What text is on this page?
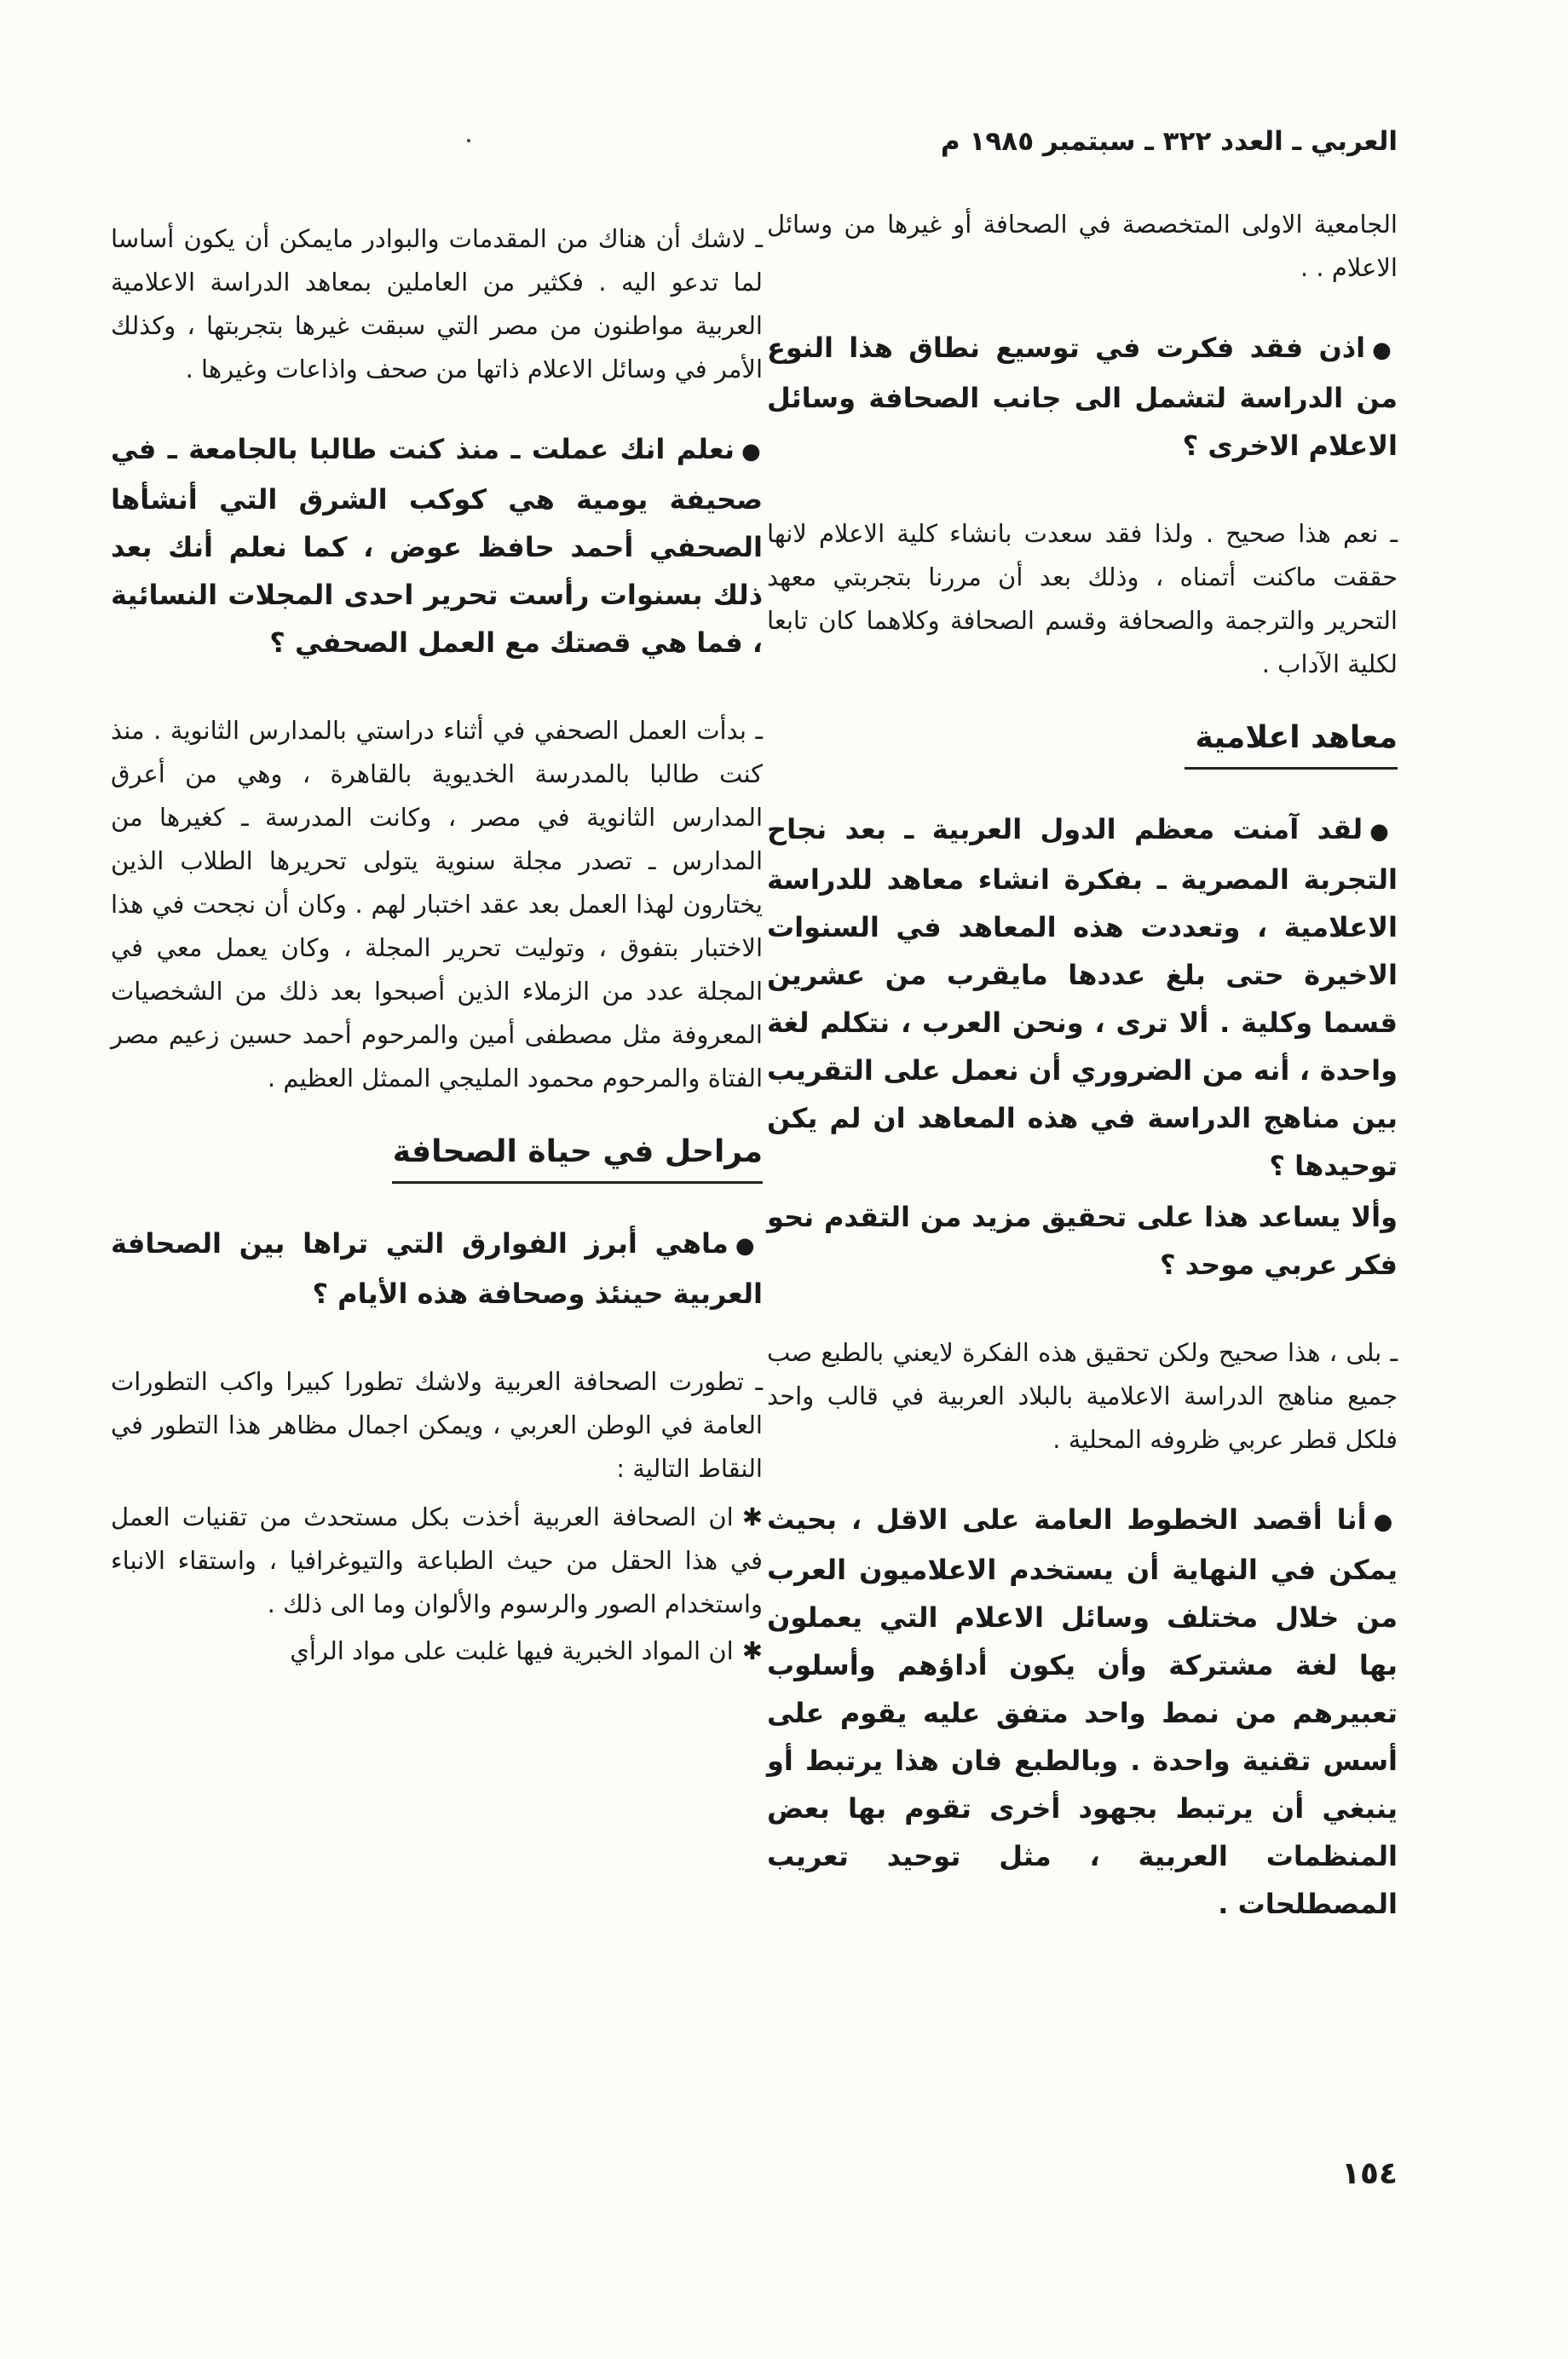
العربي ـ العدد ٣٢٢ ـ سبتمبر ١٩٨٥ م

الجامعية الاولى المتخصصة في الصحافة أو غيرها من وسائل الاعلام . .

●اذن فقد فكرت في توسيع نطاق هذا النوع من الدراسة لتشمل الى جانب الصحافة وسائل الاعلام الاخرى ؟

ـ نعم هذا صحيح . ولذا فقد سعدت بانشاء كلية الاعلام لانها حققت ماكنت أتمناه ، وذلك بعد أن مررنا بتجربتي معهد التحرير والترجمة والصحافة وقسم الصحافة وكلاهما كان تابعا لكلية الآداب .

معاهد اعلامية

●لقد آمنت معظم الدول العربية ـ بعد نجاح التجربة المصرية ـ بفكرة انشاء معاهد للدراسة الاعلامية ، وتعددت هذه المعاهد في السنوات الاخيرة حتى بلغ عددها مايقرب من عشرين قسما وكلية . ألا ترى ، ونحن العرب ، نتكلم لغة واحدة ، أنه من الضروري أن نعمل على التقريب بين مناهج الدراسة في هذه المعاهد ان لم يكن توحيدها ؟

وألا يساعد هذا على تحقيق مزيد من التقدم نحو فكر عربي موحد ؟

ـ بلى ، هذا صحيح ولكن تحقيق هذه الفكرة لايعني بالطبع صب جميع مناهج الدراسة الاعلامية بالبلاد العربية في قالب واحد فلكل قطر عربي ظروفه المحلية .

●أنا أقصد الخطوط العامة على الاقل ، بحيث يمكن في النهاية أن يستخدم الاعلاميون العرب من خلال مختلف وسائل الاعلام التي يعملون بها لغة مشتركة وأن يكون أداؤهم وأسلوب تعبيرهم من نمط واحد متفق عليه يقوم على أسس تقنية واحدة . وبالطبع فان هذا يرتبط أو ينبغي أن يرتبط بجهود أخرى تقوم بها بعض المنظمات العربية ، مثل توحيد تعريب المصطلحات .

ـ لاشك أن هناك من المقدمات والبوادر مايمكن أن يكون أساسا لما تدعو اليه . فكثير من العاملين بمعاهد الدراسة الاعلامية العربية مواطنون من مصر التي سبقت غيرها بتجربتها ، وكذلك الأمر في وسائل الاعلام ذاتها من صحف واذاعات وغيرها .

●نعلم انك عملت ـ منذ كنت طالبا بالجامعة ـ في صحيفة يومية هي كوكب الشرق التي أنشأها الصحفي أحمد حافظ عوض ، كما نعلم أنك بعد ذلك بسنوات رأست تحرير احدى المجلات النسائية ، فما هي قصتك مع العمل الصحفي ؟

ـ بدأت العمل الصحفي في أثناء دراستي بالمدارس الثانوية . منذ كنت طالبا بالمدرسة الخديوية بالقاهرة ، وهي من أعرق المدارس الثانوية في مصر ، وكانت المدرسة ـ كغيرها من المدارس ـ تصدر مجلة سنوية يتولى تحريرها الطلاب الذين يختارون لهذا العمل بعد عقد اختبار لهم . وكان أن نجحت في هذا الاختبار بتفوق ، وتوليت تحرير المجلة ، وكان يعمل معي في المجلة عدد من الزملاء الذين أصبحوا بعد ذلك من الشخصيات المعروفة مثل مصطفى أمين والمرحوم أحمد حسين زعيم مصر الفتاة والمرحوم محمود المليجي الممثل العظيم .

مراحل في حياة الصحافة

●ماهي أبرز الفوارق التي تراها بين الصحافة العربية حينئذ وصحافة هذه الأيام ؟

ـ تطورت الصحافة العربية ولاشك تطورا كبيرا واكب التطورات العامة في الوطن العربي ، ويمكن اجمال مظاهر هذا التطور في النقاط التالية :

✱ان الصحافة العربية أخذت بكل مستحدث من تقنيات العمل في هذا الحقل من حيث الطباعة والتيوغرافيا ، واستقاء الانباء واستخدام الصور والرسوم والألوان وما الى ذلك .

✱ان المواد الخبرية فيها غلبت على مواد الرأي

١٥٤
